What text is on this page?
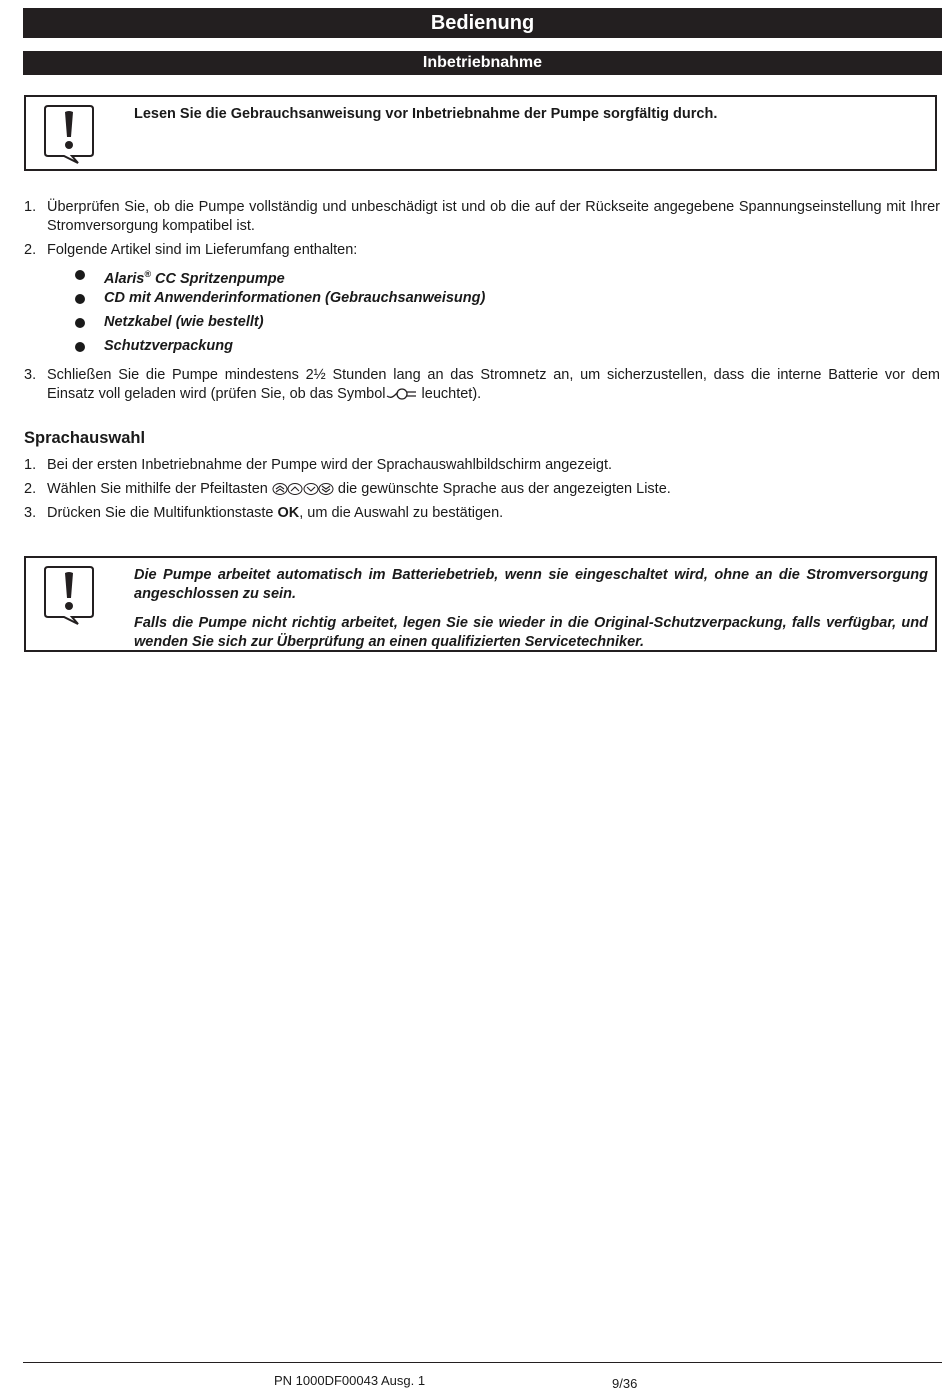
Bedienung
Inbetriebnahme

Lesen Sie die Gebrauchsanweisung vor Inbetriebnahme der Pumpe sorgfältig durch.

1. Überprüfen Sie, ob die Pumpe vollständig und unbeschädigt ist und ob die auf der Rückseite angegebene Spannungseinstellung mit Ihrer Stromversorgung kompatibel ist.
2. Folgende Artikel sind im Lieferumfang enthalten:
Alaris® CC Spritzenpumpe
CD mit Anwenderinformationen (Gebrauchsanweisung)
Netzkabel (wie bestellt)
Schutzverpackung
3. Schließen Sie die Pumpe mindestens 2½ Stunden lang an das Stromnetz an, um sicherzustellen, dass die interne Batterie vor dem Einsatz voll geladen wird (prüfen Sie, ob das Symbol leuchtet).
Sprachauswahl
1. Bei der ersten Inbetriebnahme der Pumpe wird der Sprachauswahlbildschirm angezeigt.
2. Wählen Sie mithilfe der Pfeiltasten	die gewünschte Sprache aus der angezeigten Liste.
3. Drücken Sie die Multifunktionstaste OK, um die Auswahl zu bestätigen.

Die Pumpe arbeitet automatisch im Batteriebetrieb, wenn sie eingeschaltet wird, ohne an die Stromversorgung angeschlossen zu sein.

Falls die Pumpe nicht richtig arbeitet, legen Sie sie wieder in die Original-Schutzverpackung, falls verfügbar, und wenden Sie sich zur Überprüfung an einen qualifizierten Servicetechniker.

PN 1000DF00043 Ausg. 1	9/36
